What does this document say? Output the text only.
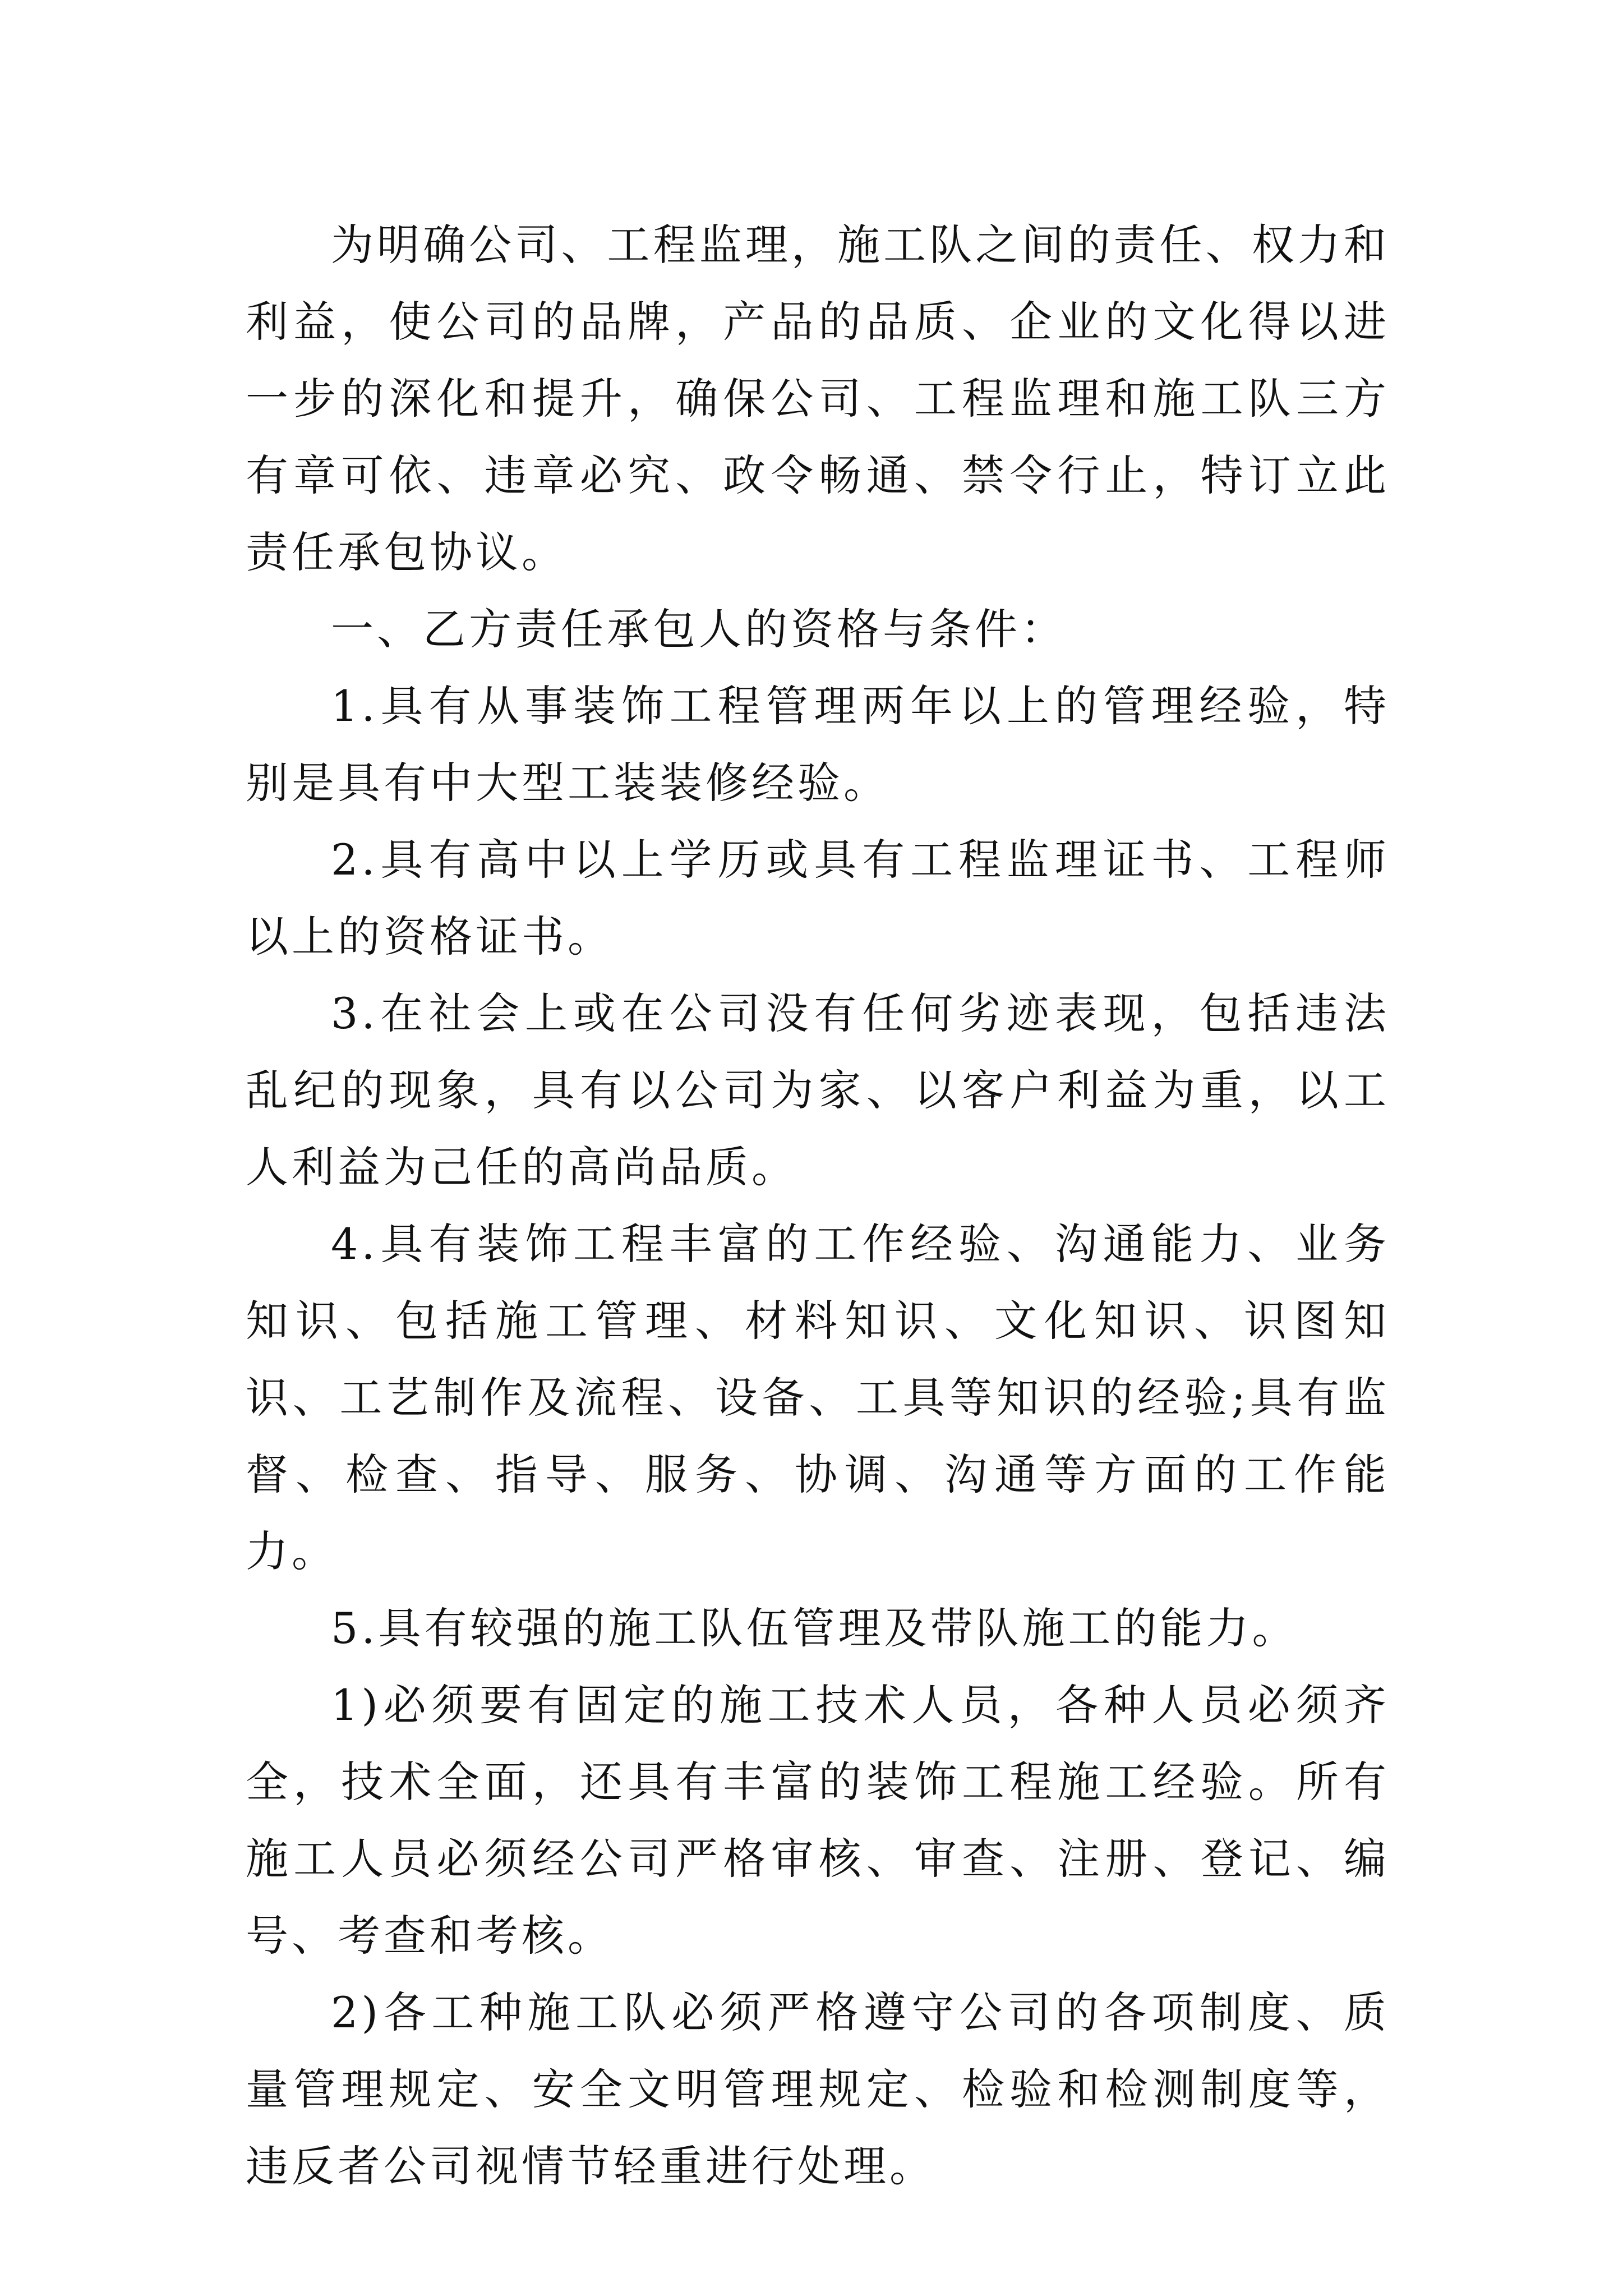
为明确公司、工程监理，施工队之间的责任、权力和利益，使公司的品牌，产品的品质、企业的文化得以进一步的深化和提升，确保公司、工程监理和施工队三方有章可依、违章必究、政令畅通、禁令行止，特订立此责任承包协议。

一、乙方责任承包人的资格与条件：

1.具有从事装饰工程管理两年以上的管理经验，特别是具有中大型工装装修经验。

2.具有高中以上学历或具有工程监理证书、工程师以上的资格证书。

3.在社会上或在公司没有任何劣迹表现，包括违法乱纪的现象，具有以公司为家、以客户利益为重，以工人利益为己任的高尚品质。

4.具有装饰工程丰富的工作经验、沟通能力、业务知识、包括施工管理、材料知识、文化知识、识图知识、工艺制作及流程、设备、工具等知识的经验;具有监督、检查、指导、服务、协调、沟通等方面的工作能力。

5.具有较强的施工队伍管理及带队施工的能力。

1)必须要有固定的施工技术人员，各种人员必须齐全，技术全面，还具有丰富的装饰工程施工经验。所有施工人员必须经公司严格审核、审查、注册、登记、编号、考查和考核。

2)各工种施工队必须严格遵守公司的各项制度、质量管理规定、安全文明管理规定、检验和检测制度等，违反者公司视情节轻重进行处理。
